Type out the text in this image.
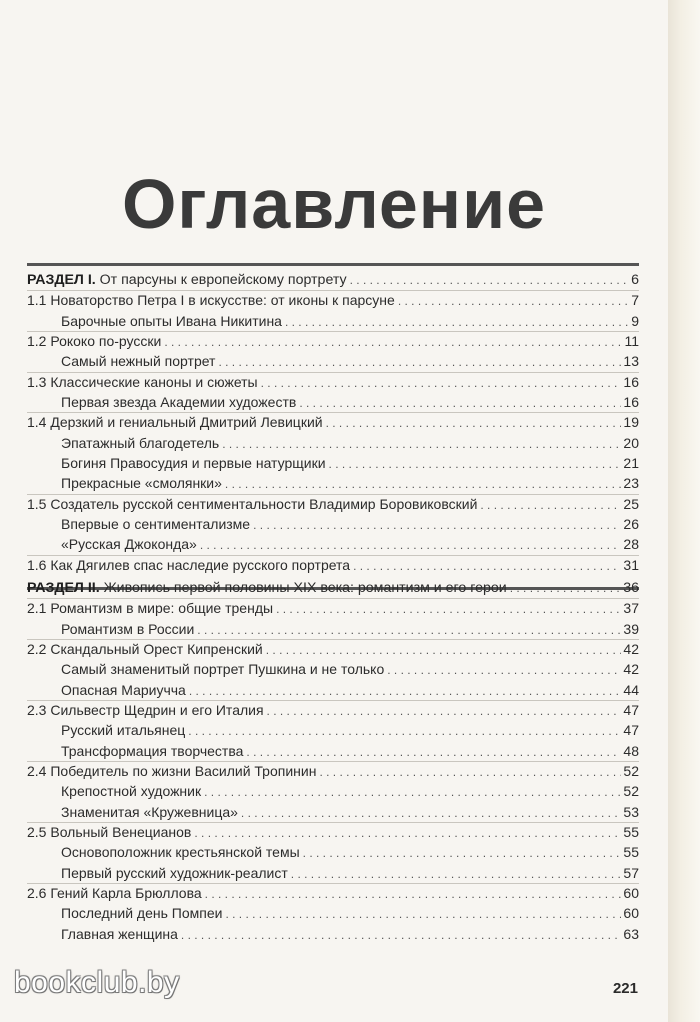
Оглавление
РАЗДЕЛ I. От парсуны к европейскому портрету . . .	6
1.1 Новаторство Петра I в искусстве: от иконы к парсуне . . .	7
Барочные опыты Ивана Никитина . . .	9
1.2 Рококо по-русски . . .	11
Самый нежный портрет . . .	13
1.3 Классические каноны и сюжеты . . .	16
Первая звезда Академии художеств . . .	16
1.4 Дерзкий и гениальный Дмитрий Левицкий . . .	19
Эпатажный благодетель . . .	20
Богиня Правосудия и первые натурщики . . .	21
Прекрасные «смолянки» . . .	23
1.5 Создатель русской сентиментальности Владимир Боровиковский . . .	25
Впервые о сентиментализме . . .	26
«Русская Джоконда» . . .	28
1.6 Как Дягилев спас наследие русского портрета . . .	31
РАЗДЕЛ II. Живопись первой половины XIX века: романтизм и его герои . . .	36
2.1 Романтизм в мире: общие тренды . . .	37
Романтизм в России . . .	39
2.2 Скандальный Орест Кипренский . . .	42
Самый знаменитый портрет Пушкина и не только . . .	42
Опасная Мариучча . . .	44
2.3 Сильвестр Щедрин и его Италия . . .	47
Русский итальянец . . .	47
Трансформация творчества . . .	48
2.4 Победитель по жизни Василий Тропинин . . .	52
Крепостной художник . . .	52
Знаменитая «Кружевница» . . .	53
2.5 Вольный Венецианов . . .	55
Основоположник крестьянской темы . . .	55
Первый русский художник-реалист . . .	57
2.6 Гений Карла Брюллова . . .	60
Последний день Помпеи . . .	60
Главная женщина . . .	63
bookclub.by	221
